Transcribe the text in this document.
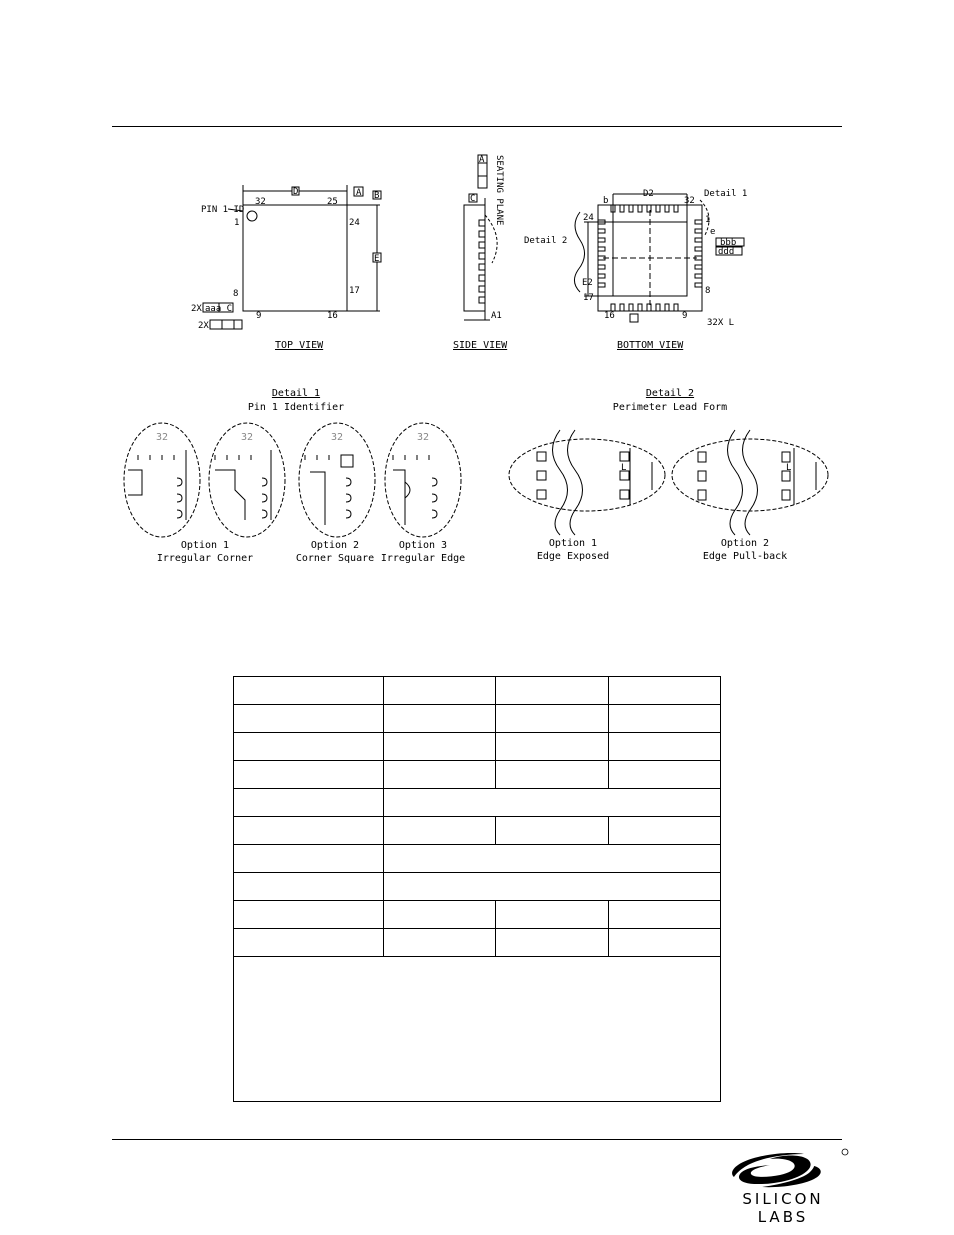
PIN 1 ID
D	B
A
E
32	25
1	24
8	17
9	16
2X
2X
aaa C
TOP VIEW
C
A1
A SEATING PLANE
SIDE VIEW
Detail 1
Detail 2
D2
E2
b
e
32X L
24
32
1
17
16	9
8
bbb
ddd
BOTTOM VIEW
Detail 1
Pin 1 Identifier
32	32	32	32
Option 1
Irregular Corner
Option 2
Corner Square
Option 3
Irregular Edge
Detail 2
Perimeter Lead Form
L	L
Option 1
Edge Exposed
Option 2
Edge Pull-back

SILICON LABS
